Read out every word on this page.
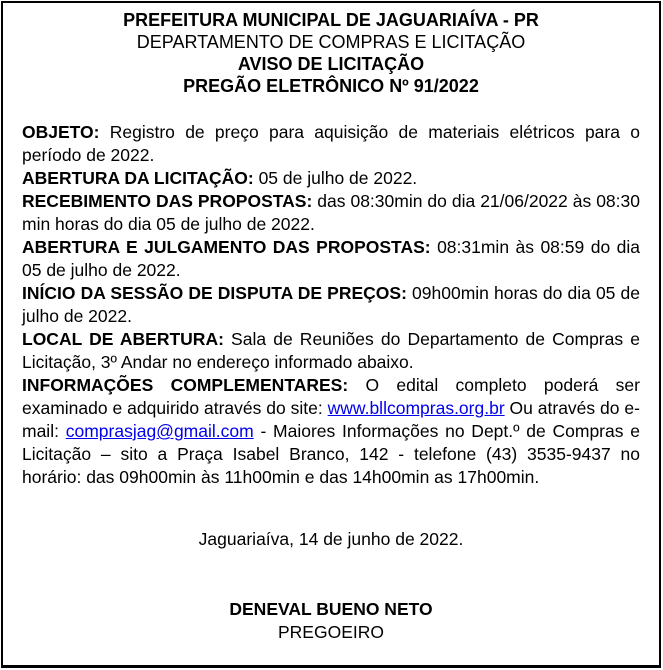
PREFEITURA MUNICIPAL DE JAGUARIAÍVA - PR
DEPARTAMENTO DE COMPRAS E LICITAÇÃO
AVISO DE LICITAÇÃO
PREGÃO ELETRÔNICO Nº 91/2022

OBJETO: Registro de preço para aquisição de materiais elétricos para o período de 2022.

ABERTURA DA LICITAÇÃO: 05 de julho de 2022.

RECEBIMENTO DAS PROPOSTAS: das 08:30min do dia 21/06/2022 às 08:30 min horas do dia 05 de julho de 2022.

ABERTURA E JULGAMENTO DAS PROPOSTAS: 08:31min às 08:59 do dia 05 de julho de 2022.

INÍCIO DA SESSÃO DE DISPUTA DE PREÇOS: 09h00min horas do dia 05 de julho de 2022.

LOCAL DE ABERTURA: Sala de Reuniões do Departamento de Compras e Licitação, 3º Andar no endereço informado abaixo.

INFORMAÇÕES COMPLEMENTARES: O edital completo poderá ser examinado e adquirido através do site: www.bllcompras.org.br Ou através do e-mail: comprasjag@gmail.com - Maiores Informações no Dept.º de Compras e Licitação – sito a Praça Isabel Branco, 142 - telefone (43) 3535-9437 no horário: das 09h00min às 11h00min e das 14h00min as 17h00min.

Jaguariaíva, 14 de junho de 2022.
DENEVAL BUENO NETO
PREGOEIRO
